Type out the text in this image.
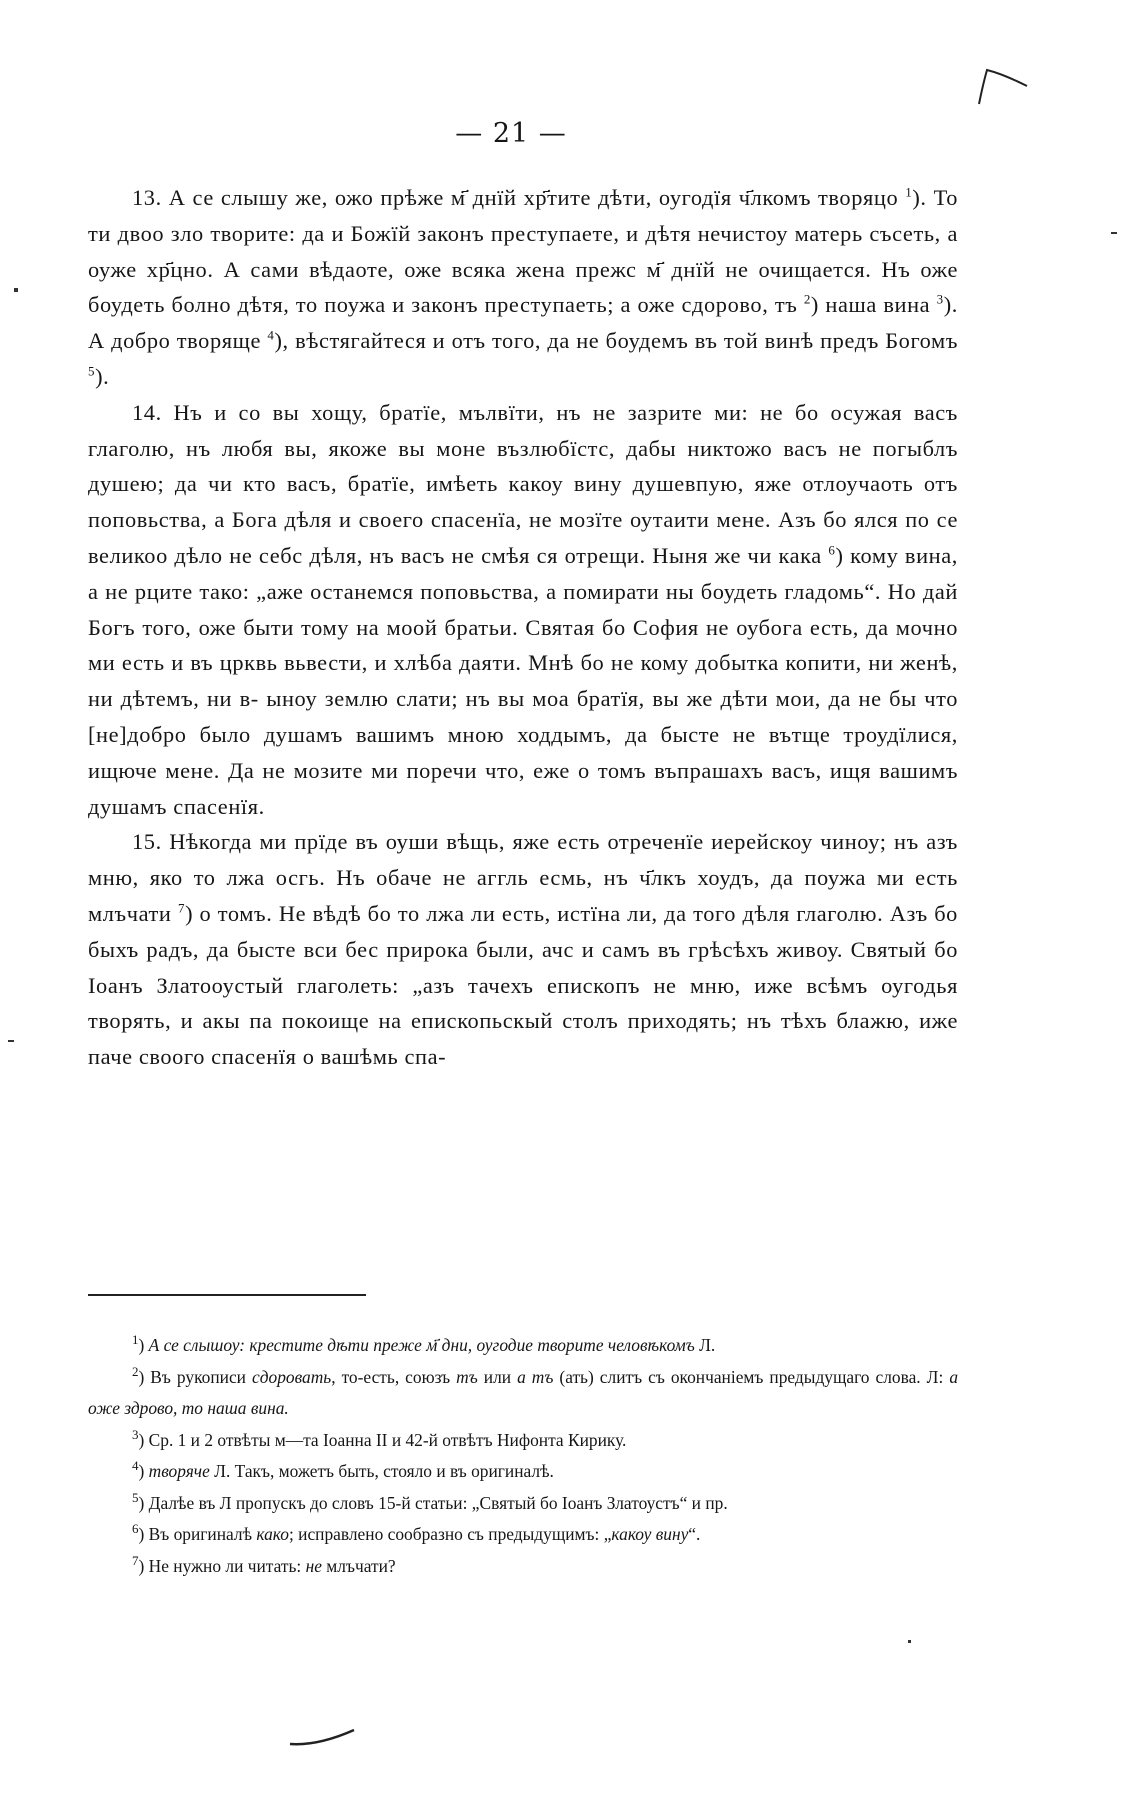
— 21 —

13. А се слышу же, ожо прѣже м҃ днїй хр҃тите дѣти, оугодїя ч҃лкомъ творяцо $^1$). То ти двоо зло творите: да и Божїй законъ преступаете, и дѣтя нечистоу матерь съсеть, а оуже хр҃цно. А сами вѣдаоте, оже всяка жена прежс м҃ днїй не очищается. Нъ оже боудеть болно дѣтя, то поужа и законъ преступаеть; а оже сдорово, тъ $^2$) наша вина $^3$). А добро творяще $^4$), вѣстягайтеся и отъ того, да не боудемъ въ той винѣ предъ Богомъ $^5$).

14. Нъ и со вы хощу, братїе, мълвїти, нъ не зазрите ми: не бо осужая васъ глаголю, нъ любя вы, якоже вы моне възлюбїстс, дабы никтожо васъ не погыблъ душею; да чи кто васъ, братїе, имѣеть какоу вину душевпую, яже отлоучаоть отъ поповьства, а Бога дѣля и своего спасенїа, не мозїте оутаити мене. Азъ бо ялся по се великоо дѣло не себс дѣля, нъ васъ не смѣя ся отрещи. Ныня же чи кака $^6$) кому вина, а не рците тако: „аже останемся поповьства, а помирати ны боудеть гладомь“. Но дай Богъ того, оже быти тому на моой братьи. Святая бо София не оубога есть, да мочно ми есть и въ црквь вьвести, и хлѣба даяти. Мнѣ бо не кому добытка копити, ни женѣ, ни дѣтемъ, ни в- ыноу землю слати; нъ вы моа братїя, вы же дѣти мои, да не бы что [не]добро было душамъ вашимъ мною ходдымъ, да быстe не вътще троудїлися, ищюче мене. Да не мозите ми поречи что, еже о томъ въпрашахъ васъ, ищя вашимъ душамъ спасенїя.

15. Нѣкогда ми прїде въ оуши вѣщь, яже есть отреченїе иерейскоу чиноу; нъ азъ мню, яко то лжа осгь. Нъ обаче не аггль есмь, нъ ч҃лкъ хоудъ, да поужа ми есть млъчати $^7$) о томъ. Не вѣдѣ бо то лжа ли есть, истїна ли, да того дѣля глаголю. Азъ бо быхъ радъ, да бысте вси бес прирока были, ачс и самъ въ грѣсѣхъ живоу. Святый бо Ioанъ Златооустый глаголеть: „азъ тачехъ епископъ не мню, иже всѣмъ оугодья творять, и акы па покоище на епископьскый столъ приходять; нъ тѣхъ блажю, иже паче своого спасенїя о вашѣмь спа-

$^1$) А се слышоу: крестите дѣти прежe м҃ дни, оугодие творите человѣкомъ Л.

$^2$) Въ рукописи сдоровать, то-есть, союзъ тъ или а тъ (ать) слитъ съ окончанiемъ предыдущаго слова. Л: а оже здрово, то наша вина.

$^3$) Ср. 1 и 2 отвѣты м—та Іоанна II и 42-й отвѣтъ Нифонта Кирику.

$^4$) творяче Л. Такъ, можетъ быть, стояло и въ оригиналѣ.

$^5$) Далѣе въ Л пропускъ до словъ 15-й статьи: „Святый бо Іоанъ Златоустъ“ и пр.

$^6$) Въ оригиналѣ како; исправлено сообразно съ предыдущимъ: „какоу вину“.

$^7$) Не нужно ли читать: не млъчати?
